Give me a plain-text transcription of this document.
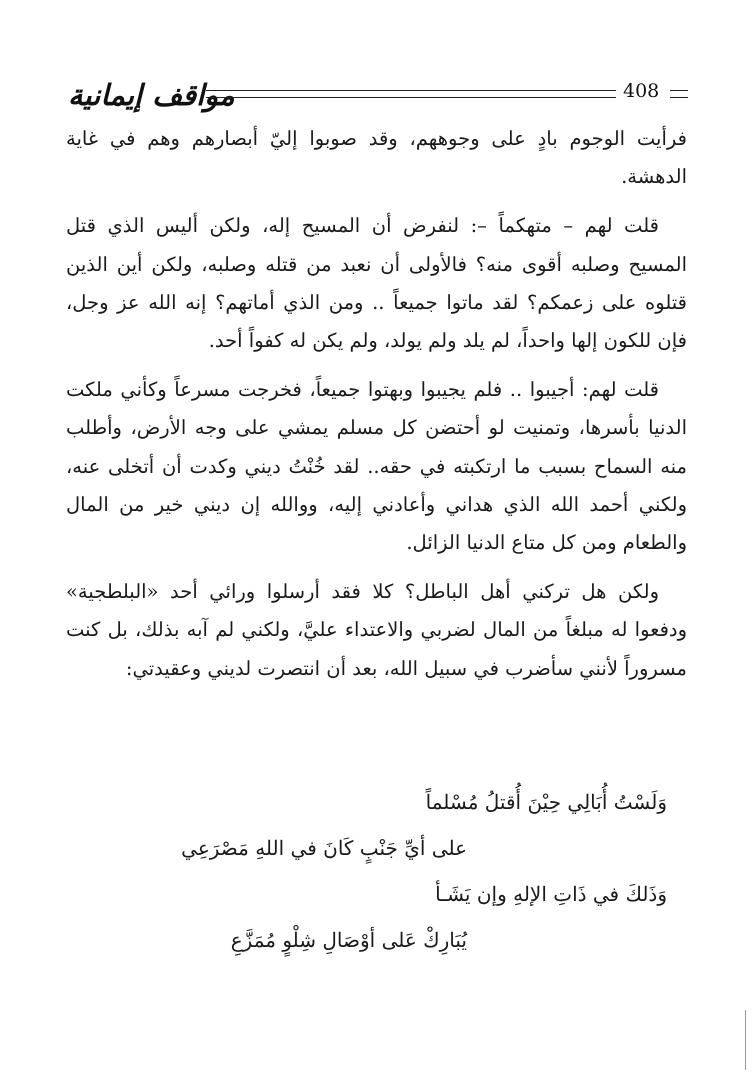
مواقف إيمانية	408

فرأيت الوجوم بادٍ على وجوههم، وقد صوبوا إليّ أبصارهم وهم في غاية الدهشة.

قلت لهم – متهكماً –: لنفرض أن المسيح إله، ولكن أليس الذي قتل المسيح وصلبه أقوى منه؟ فالأولى أن نعبد من قتله وصلبه، ولكن أين الذين قتلوه على زعمكم؟ لقد ماتوا جميعاً .. ومن الذي أماتهم؟ إنه الله عز وجل، فإن للكون إلها واحداً، لم يلد ولم يولد، ولم يكن له كفواً أحد.

قلت لهم: أجيبوا .. فلم يجيبوا وبهتوا جميعاً، فخرجت مسرعاً وكأني ملكت الدنيا بأسرها، وتمنيت لو أحتضن كل مسلم يمشي على وجه الأرض، وأطلب منه السماح بسبب ما ارتكبته في حقه.. لقد خُنْتُ ديني وكدت أن أتخلى عنه، ولكني أحمد الله الذي هداني وأعادني إليه، ووالله إن ديني خير من المال والطعام ومن كل متاع الدنيا الزائل.

ولكن هل تركني أهل الباطل؟ كلا فقد أرسلوا ورائي أحد «البلطجية» ودفعوا له مبلغاً من المال لضربي والاعتداء عليَّ، ولكني لم آبه بذلك، بل كنت مسروراً لأنني سأضرب في سبيل الله، بعد أن انتصرت لديني وعقيدتي:

وَلَسْتُ أُبَالِي حِيْنَ أُقتلُ مُسْلماً
على أيِّ جَنْبٍ كَانَ في اللهِ مَصْرَعِي
وَذَلكَ في ذَاتِ الإلهِ وإن يَشَـأ
يُبَارِكْ عَلى أوْصَالِ شِلْوٍ مُمَزَّعِ
